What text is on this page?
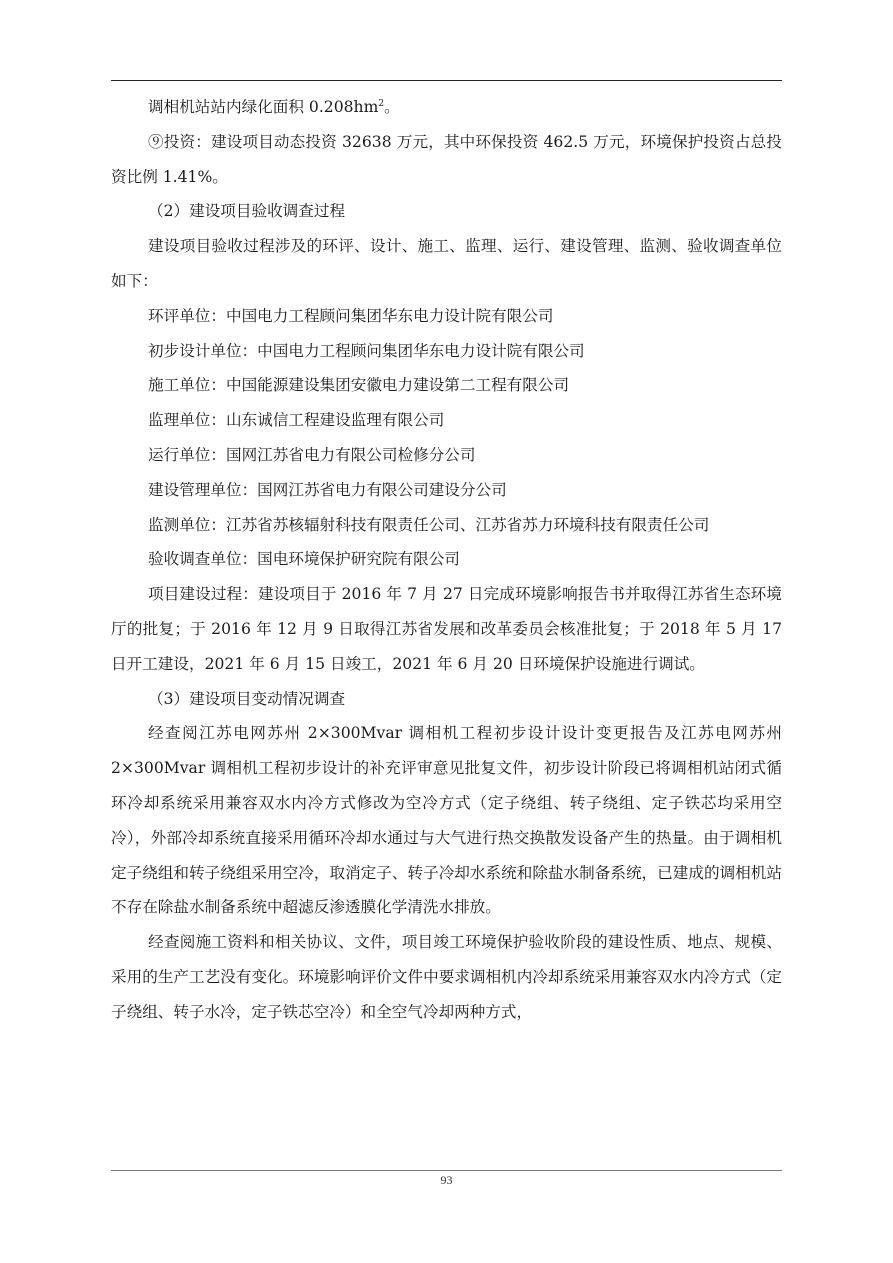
调相机站站内绿化面积 $0.208hm^2$。

⑨投资：建设项目动态投资 32638 万元，其中环保投资 462.5 万元，环境保护投资占总投资比例 1.41%。

（2）建设项目验收调查过程

建设项目验收过程涉及的环评、设计、施工、监理、运行、建设管理、监测、验收调查单位如下：

环评单位：中国电力工程顾问集团华东电力设计院有限公司

初步设计单位：中国电力工程顾问集团华东电力设计院有限公司

施工单位：中国能源建设集团安徽电力建设第二工程有限公司

监理单位：山东诚信工程建设监理有限公司

运行单位：国网江苏省电力有限公司检修分公司

建设管理单位：国网江苏省电力有限公司建设分公司

监测单位：江苏省苏核辐射科技有限责任公司、江苏省苏力环境科技有限责任公司

验收调查单位：国电环境保护研究院有限公司

项目建设过程：建设项目于 2016 年 7 月 27 日完成环境影响报告书并取得江苏省生态环境厅的批复；于 2016 年 12 月 9 日取得江苏省发展和改革委员会核准批复；于 2018 年 5 月 17 日开工建设，2021 年 6 月 15 日竣工，2021 年 6 月 20 日环境保护设施进行调试。

（3）建设项目变动情况调查

经查阅江苏电网苏州 2×300Mvar 调相机工程初步设计设计变更报告及江苏电网苏州 2×300Mvar 调相机工程初步设计的补充评审意见批复文件，初步设计阶段已将调相机站闭式循环冷却系统采用兼容双水内冷方式修改为空冷方式（定子绕组、转子绕组、定子铁芯均采用空冷），外部冷却系统直接采用循环冷却水通过与大气进行热交换散发设备产生的热量。由于调相机定子绕组和转子绕组采用空冷，取消定子、转子冷却水系统和除盐水制备系统，已建成的调相机站不存在除盐水制备系统中超滤反渗透膜化学清洗水排放。

经查阅施工资料和相关协议、文件，项目竣工环境保护验收阶段的建设性质、地点、规模、采用的生产工艺没有变化。环境影响评价文件中要求调相机内冷却系统采用兼容双水内冷方式（定子绕组、转子水冷，定子铁芯空冷）和全空气冷却两种方式，

93
